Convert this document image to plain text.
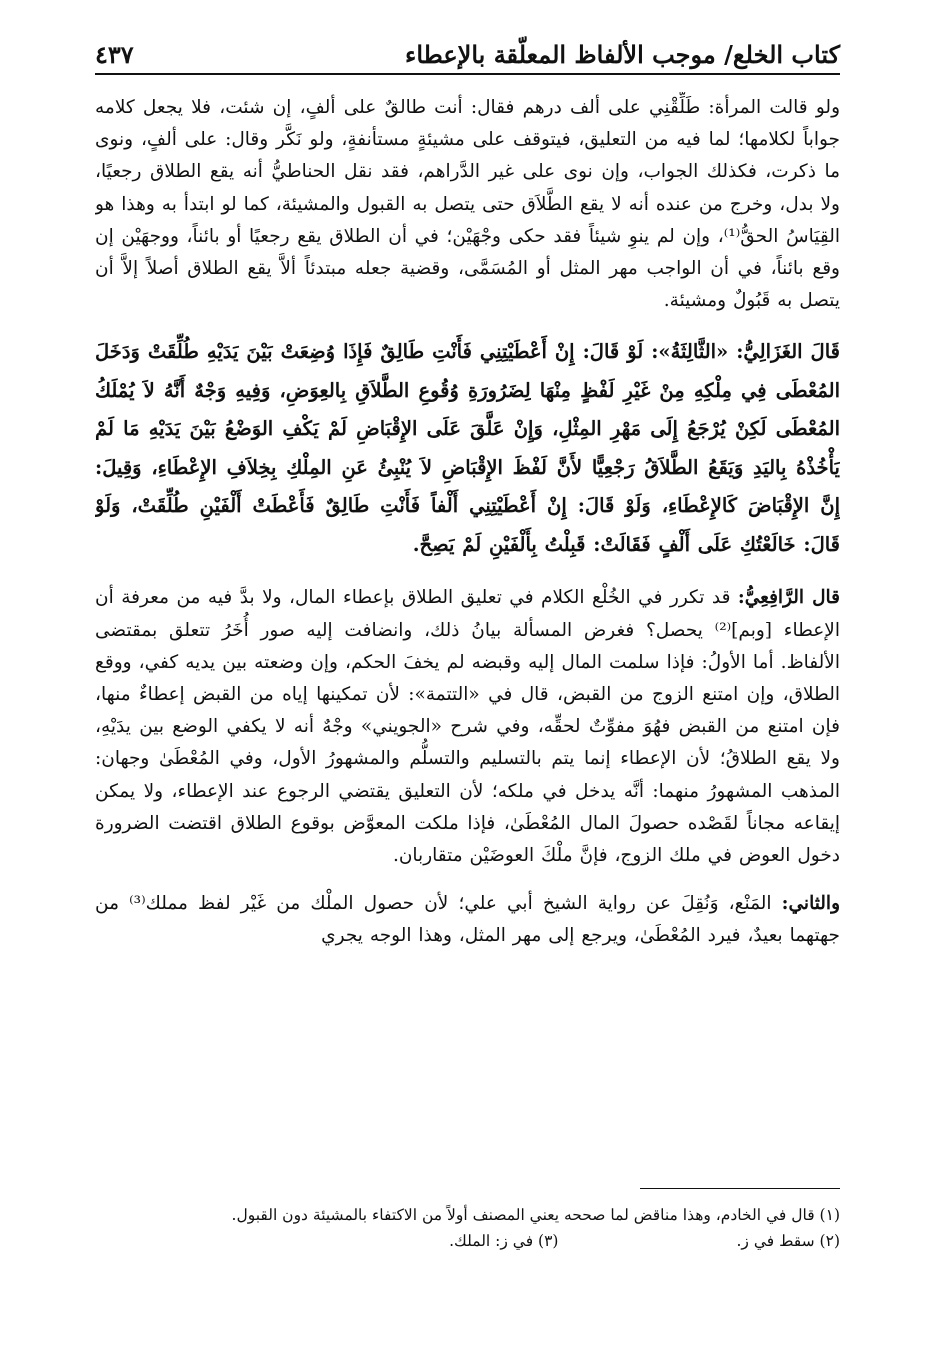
كتاب الخلع/ موجب الألفاظ المعلّقة بالإعطاء
٤٣٧

ولو قالت المرأة: طَلِّقْنِي على ألف درهم فقال: أنت طالقٌ على ألفٍ، إن شئت، فلا يجعل كلامه جواباً لكلامها؛ لما فيه من التعليق، فيتوقف على مشيئةٍ مستأنفةٍ، ولو نَكَّر وقال: على ألفٍ، ونوى ما ذكرت، فكذلك الجواب، وإن نوى على غير الدَّراهم، فقد نقل الحناطيُّ أنه يقع الطلاق رجعيًا، ولا بدل، وخرج من عنده أنه لا يقع الطَّلاَق حتى يتصل به القبول والمشيئة، كما لو ابتدأ به وهذا هو القِيَاسُ الحقُّ⁽¹⁾، وإن لم ينوِ شيئاً فقد حكى وجْهَيْن؛ في أن الطلاق يقع رجعيًا أو بائناً، ووجهَيْن إن وقع بائناً، في أن الواجب مهر المثل أو المُسَمَّى، وقضية جعله مبتدئاً ألاَّ يقع الطلاق أصلاً إلاَّ أن يتصل به قَبُولٌ ومشيئة.

قَالَ الغَزَالِيُّ: «الثَّالِثَةُ»: لَوْ قَالَ: إِنْ أَعْطَيْتِنِي فَأَنْتِ طَالِقٌ فَإِذَا وُضِعَتْ بَيْنَ يَدَيْهِ طُلِّقَتْ وَدَخَلَ المُعْطَى فِي مِلْكِهِ مِنْ غَيْرِ لَفْظٍ مِنْهَا لِضَرُورَةِ وُقُوعِ الطَّلاَقِ بِالعِوَضِ، وَفِيهِ وَجْهٌ أَنَّهُ لاَ يُمْلَكُ المُعْطَى لَكِنْ يُرْجَعُ إِلَى مَهْرِ المِثْلِ، وَإِنْ عَلَّقَ عَلَى الإِقْبَاضِ لَمْ يَكْفِ الوَضْعُ بَيْنَ يَدَيْهِ مَا لَمْ يَأْخُذْهُ بِاليَدِ وَيَقَعُ الطَّلاَقُ رَجْعِيًّا لأَنَّ لَفْظَ الإِقْبَاضِ لاَ يُنْبِئُ عَنِ المِلْكِ بِخِلاَفِ الإِعْطَاءِ، وَقِيلَ: إِنَّ الإِقْبَاضَ كَالإِعْطَاءِ، وَلَوْ قَالَ: إِنْ أَعْطَيْتِنِي أَلْفاً فَأَنْتِ طَالِقٌ فَأَعْطَتْ أَلْفَيْنِ طُلِّقَتْ، وَلَوْ قَالَ: خَالَعْتُكِ عَلَى أَلْفٍ فَقَالَتْ: قَبِلْتُ بِأَلْفَيْنِ لَمْ يَصِحَّ.

قال الرَّافِعِيُّ: قد تكرر في الخُلْع الكلام في تعليق الطلاق بإعطاء المال، ولا بدَّ فيه من معرفة أن الإعطاء [وبم]⁽²⁾ يحصل؟ فغرض المسألة بيانُ ذلك، وانضافت إليه صور أُخَرُ تتعلق بمقتضى الألفاظ. أما الأولُ: فإذا سلمت المال إليه وقبضه لم يخفَ الحكم، وإن وضعته بين يديه كفي، ووقع الطلاق، وإن امتنع الزوج من القبض، قال في «التتمة»: لأن تمكينها إياه من القبض إعطاءٌ منها، فإن امتنع من القبض فهُوَ مفوِّتٌ لحقِّه، وفي شرح «الجويني» وجْهٌ أنه لا يكفي الوضع بين يدَيْهِ، ولا يقع الطلاقُ؛ لأن الإعطاء إنما يتم بالتسليم والتسلُّم والمشهورُ الأول، وفي المُعْطَىٰ وجهان: المذهب المشهورُ منهما: أنَّه يدخل في ملكه؛ لأن التعليق يقتضي الرجوع عند الإعطاء، ولا يمكن إيقاعه مجاناً لقَصْده حصولَ المال المُعْطَىٰ، فإذا ملكت المعوَّض بوقوع الطلاق اقتضت الضرورة دخول العوض في ملك الزوج، فإنَّ ملْكَ العوضَيْن متقاربان.

والثاني: المَنْع، وَنُقِلَ عن رواية الشيخ أبي علي؛ لأن حصول الملْك من غَيْر لفظ مملك⁽³⁾ من جهتهما بعيدٌ، فيرد المُعْطَىٰ، ويرجع إلى مهر المثل، وهذا الوجه يجري

(١) قال في الخادم، وهذا مناقض لما صححه يعني المصنف أولاً من الاكتفاء بالمشيئة دون القبول.
(٢) سقط في ز.
(٣) في ز: الملك.
